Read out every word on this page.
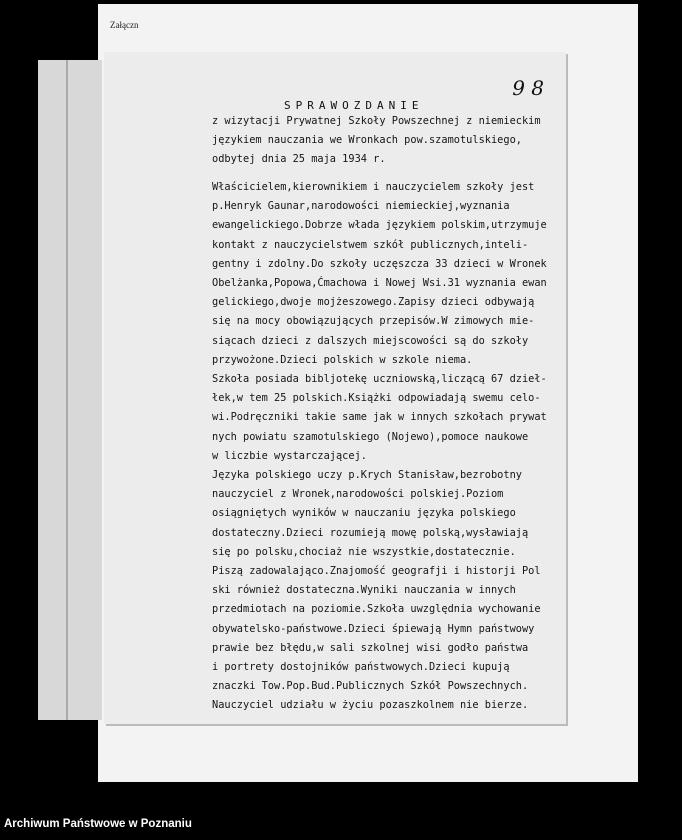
Załączn
9 8
SPRAWOZDANIE
z wizytacji Prywatnej Szkoły Powszechnej z niemieckim
językiem nauczania we Wronkach pow.szamotulskiego,
odbytej dnia 25 maja 1934 r.
Właścicielem,kierownikiem i nauczycielem szkoły jest
p.Henryk Gaunar,narodowości niemieckiej,wyznania
ewangelickiego.Dobrze włada językiem polskim,utrzymuje
kontakt z nauczycielstwem szkół publicznych,inteli-
gentny i zdolny.Do szkoły uczęszcza 33 dzieci w Wronek
Obelżanka,Popowa,Ćmachowa i Nowej Wsi.31 wyznania ewan
gelickiego,dwoje mojżeszowego.Zapisy dzieci odbywają
się na mocy obowiązujących przepisów.W zimowych mie-
siącach dzieci z dalszych miejscowości są do szkoły
przywożone.Dzieci polskich w szkole niema.
Szkoła posiada bibljotekę uczniowską,liczącą 67 dzieł-
łek,w tem 25 polskich.Książki odpowiadają swemu celo-
wi.Podręczniki takie same jak w innych szkołach prywat
nych powiatu szamotulskiego (Nojewo),pomoce naukowe
w liczbie wystarczającej.
Języka polskiego uczy p.Krych Stanisław,bezrobotny
nauczyciel z Wronek,narodowości polskiej.Poziom
osiągniętych wyników w nauczaniu języka polskiego
dostateczny.Dzieci rozumieją mowę polską,wysławiają
się po polsku,chociaż nie wszystkie,dostatecznie.
Piszą zadowalająco.Znajomość geografji i historji Pol
ski również dostateczna.Wyniki nauczania w innych
przedmiotach na poziomie.Szkoła uwzględnia wychowanie
obywatelsko-państwowe.Dzieci śpiewają Hymn państwowy
prawie bez błędu,w sali szkolnej wisi godło państwa
i portrety dostojników państwowych.Dzieci kupują
znaczki Tow.Pop.Bud.Publicznych Szkół Powszechnych.
Nauczyciel udziału w życiu pozaszkolnem nie bierze.
Archiwum Państwowe w Poznaniu
